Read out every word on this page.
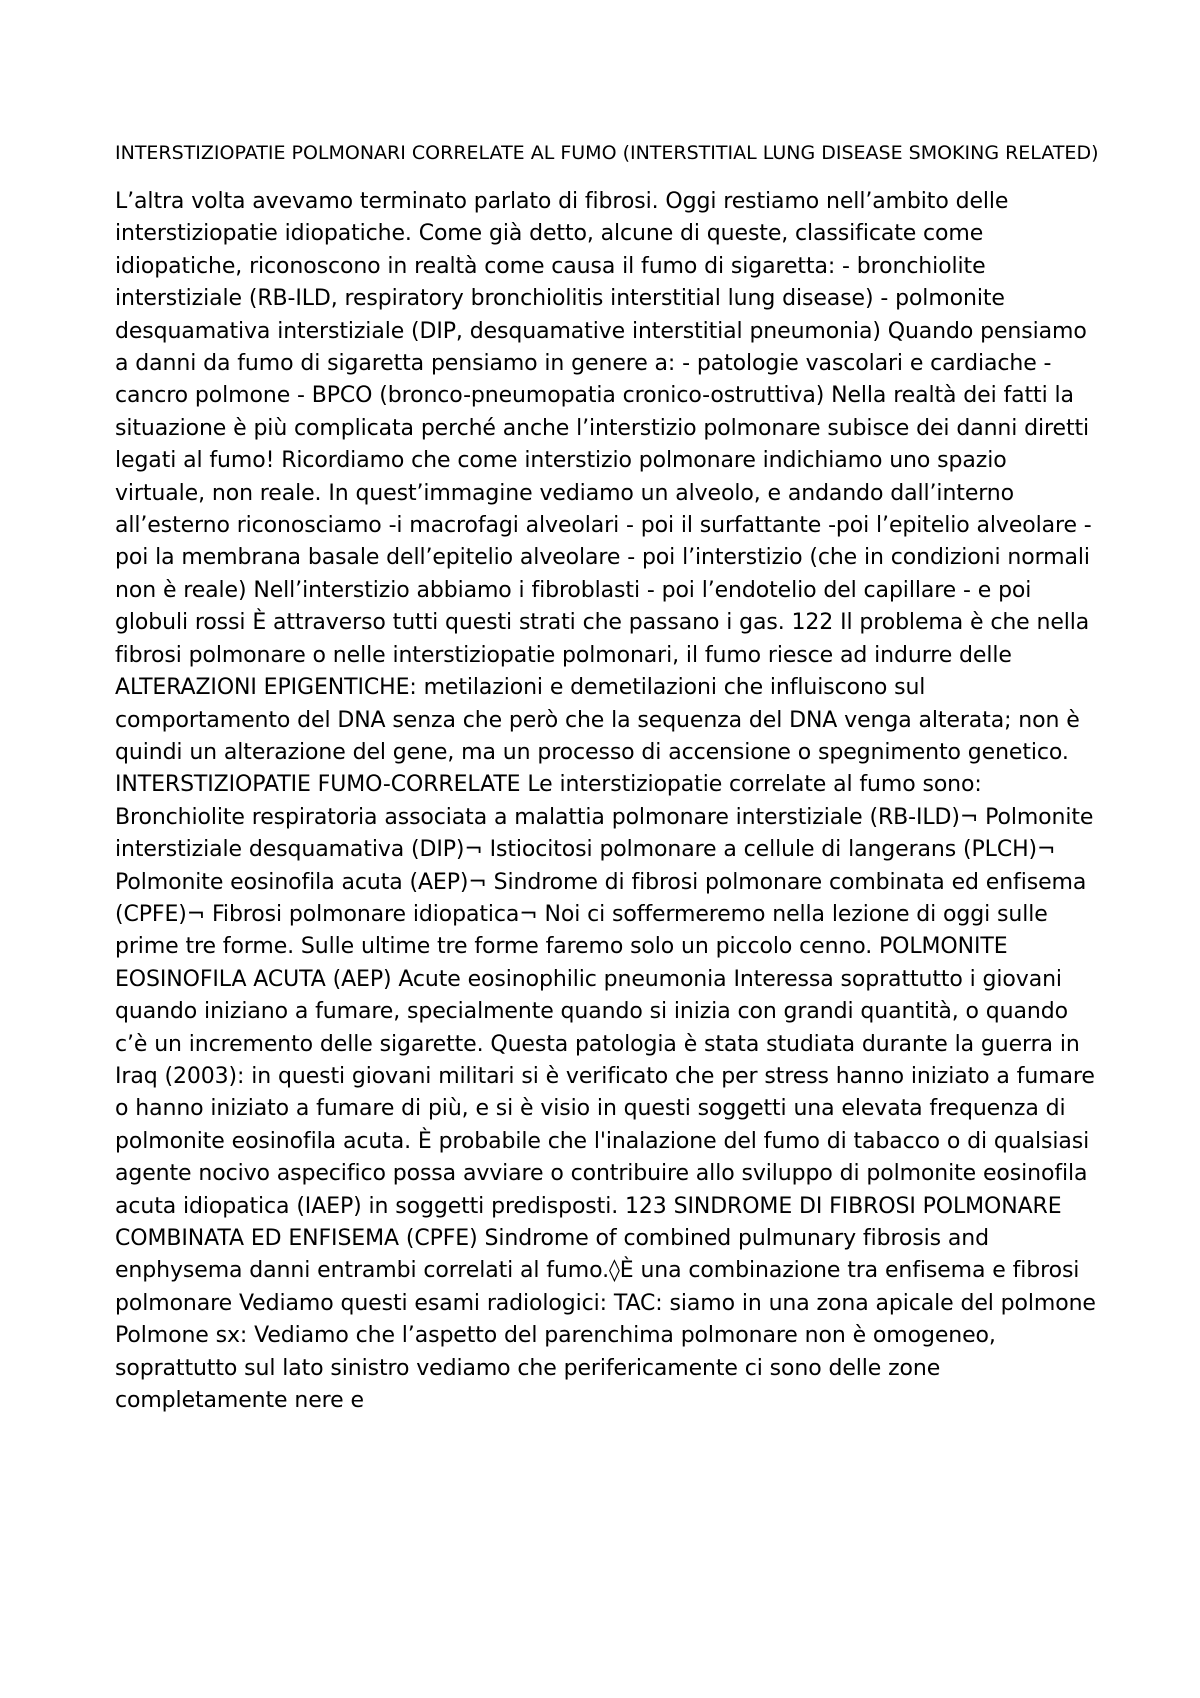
INTERSTIZIOPATIE POLMONARI CORRELATE AL FUMO (INTERSTITIAL LUNG DISEASE SMOKING RELATED)

L’altra volta avevamo terminato parlato di fibrosi. Oggi restiamo nell’ambito delle interstiziopatie idiopatiche. Come già detto, alcune di queste, classificate come idiopatiche, riconoscono in realtà come causa il fumo di sigaretta: - bronchiolite interstiziale (RB-ILD, respiratory bronchiolitis interstitial lung disease) - polmonite desquamativa interstiziale (DIP, desquamative interstitial pneumonia) Quando pensiamo a danni da fumo di sigaretta pensiamo in genere a: - patologie vascolari e cardiache - cancro polmone - BPCO (bronco-pneumopatia cronico-ostruttiva) Nella realtà dei fatti la situazione è più complicata perché anche l’interstizio polmonare subisce dei danni diretti legati al fumo! Ricordiamo che come interstizio polmonare indichiamo uno spazio virtuale, non reale. In quest’immagine vediamo un alveolo, e andando dall’interno all’esterno riconosciamo -i macrofagi alveolari - poi il surfattante -poi l’epitelio alveolare - poi la membrana basale dell’epitelio alveolare - poi l’interstizio (che in condizioni normali non è reale) Nell’interstizio abbiamo i fibroblasti - poi l’endotelio del capillare - e poi globuli rossi È attraverso tutti questi strati che passano i gas. 122 Il problema è che nella fibrosi polmonare o nelle interstiziopatie polmonari, il fumo riesce ad indurre delle ALTERAZIONI EPIGENTICHE: metilazioni e demetilazioni che influiscono sul comportamento del DNA senza che però che la sequenza del DNA venga alterata; non è quindi un alterazione del gene, ma un processo di accensione o spegnimento genetico. INTERSTIZIOPATIE FUMO-CORRELATE Le interstiziopatie correlate al fumo sono: Bronchiolite respiratoria associata a malattia polmonare interstiziale (RB-ILD)¬ Polmonite interstiziale desquamativa (DIP)¬ Istiocitosi polmonare a cellule di langerans (PLCH)¬ Polmonite eosinofila acuta (AEP)¬ Sindrome di fibrosi polmonare combinata ed enfisema (CPFE)¬ Fibrosi polmonare idiopatica¬ Noi ci soffermeremo nella lezione di oggi sulle prime tre forme. Sulle ultime tre forme faremo solo un piccolo cenno. POLMONITE EOSINOFILA ACUTA (AEP) Acute eosinophilic pneumonia Interessa soprattutto i giovani quando iniziano a fumare, specialmente quando si inizia con grandi quantità, o quando c’è un incremento delle sigarette. Questa patologia è stata studiata durante la guerra in Iraq (2003): in questi giovani militari si è verificato che per stress hanno iniziato a fumare o hanno iniziato a fumare di più, e si è visio in questi soggetti una elevata frequenza di polmonite eosinofila acuta. È probabile che l'inalazione del fumo di tabacco o di qualsiasi agente nocivo aspecifico possa avviare o contribuire allo sviluppo di polmonite eosinofila acuta idiopatica (IAEP) in soggetti predisposti. 123 SINDROME DI FIBROSI POLMONARE COMBINATA ED ENFISEMA (CPFE) Sindrome of combined pulmunary fibrosis and enphysema danni entrambi correlati al fumo.◊È una combinazione tra enfisema e fibrosi polmonare Vediamo questi esami radiologici: TAC: siamo in una zona apicale del polmone Polmone sx: Vediamo che l’aspetto del parenchima polmonare non è omogeneo, soprattutto sul lato sinistro vediamo che perifericamente ci sono delle zone completamente nere e
